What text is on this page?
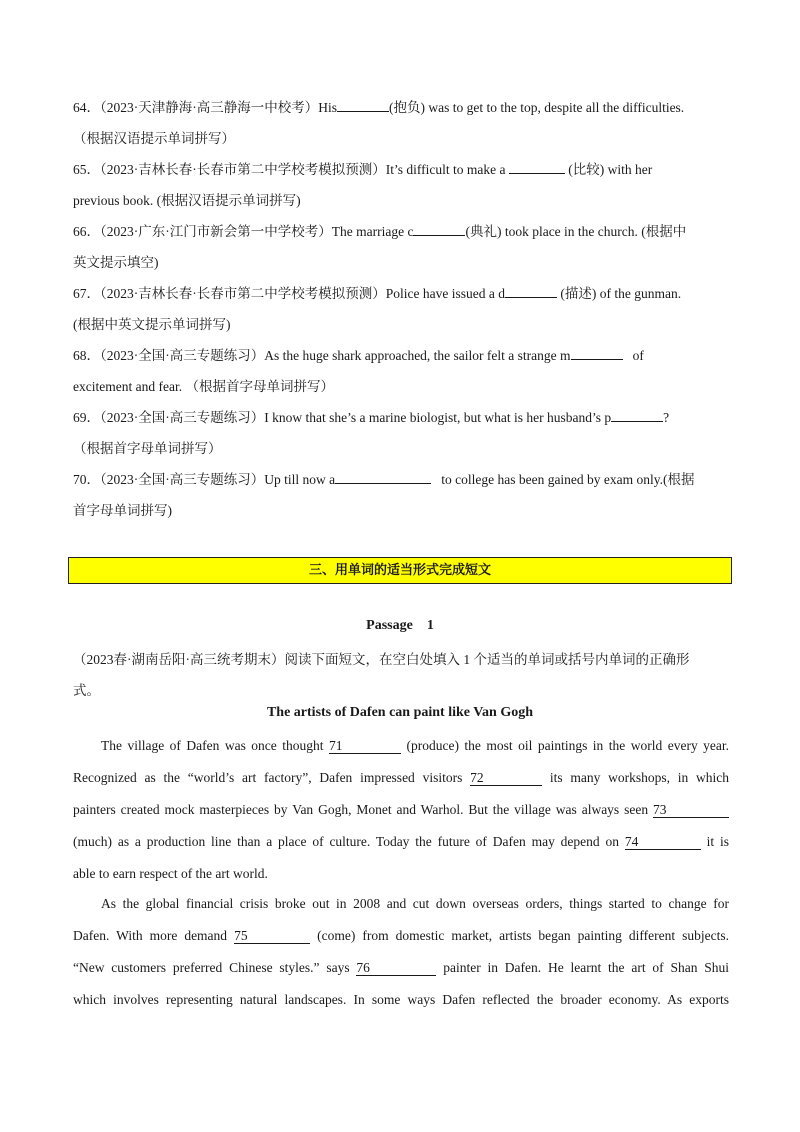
64．（2023·天津静海·高三静海一中校考）His	(抱负) was to get to the top, despite all the difficulties.
（根据汉语提示单词拼写）
65．（2023·吉林长春·长春市第二中学校考模拟预测）It’s difficult to make a	(比较) with her
previous book. (根据汉语提示单词拼写)
66．（2023·广东·江门市新会第一中学校考）The marriage c	(典礼) took place in the church. (根据中
英文提示填空)
67．（2023·吉林长春·长春市第二中学校考模拟预测）Police have issued a d	(描述) of the gunman.
(根据中英文提示单词拼写)
68．（2023·全国·高三专题练习）As the huge shark approached, the sailor felt a strange m	of
excitement and fear. （根据首字母单词拼写）
69．（2023·全国·高三专题练习）I know that she’s a marine biologist, but what is her husband’s p	?
（根据首字母单词拼写）
70．（2023·全国·高三专题练习）Up till now a	to college has been gained by exam only.(根据
首字母单词拼写)
三、用单词的适当形式完成短文
Passage　1
（2023春·湖南岳阳·高三统考期末）阅读下面短文，在空白处填入 1 个适当的单词或括号内单词的正确形
式。
The artists of Dafen can paint like Van Gogh
The village of Dafen was once thought 71	(produce) the most oil paintings in the world every year.
Recognized as the “world’s art factory”, Dafen impressed visitors 72	its many workshops, in which
painters created mock masterpieces by Van Gogh, Monet and Warhol. But the village was always seen 73
(much) as a production line than a place of culture. Today the future of Dafen may depend on 74	it is
able to earn respect of the art world.
As the global financial crisis broke out in 2008 and cut down overseas orders, things started to change for
Dafen. With more demand 75	(come) from domestic market, artists began painting different subjects.
“New customers preferred Chinese styles.” says 76	painter in Dafen. He learnt the art of Shan Shui
which involves representing natural landscapes. In some ways Dafen reflected the broader economy. As exports
